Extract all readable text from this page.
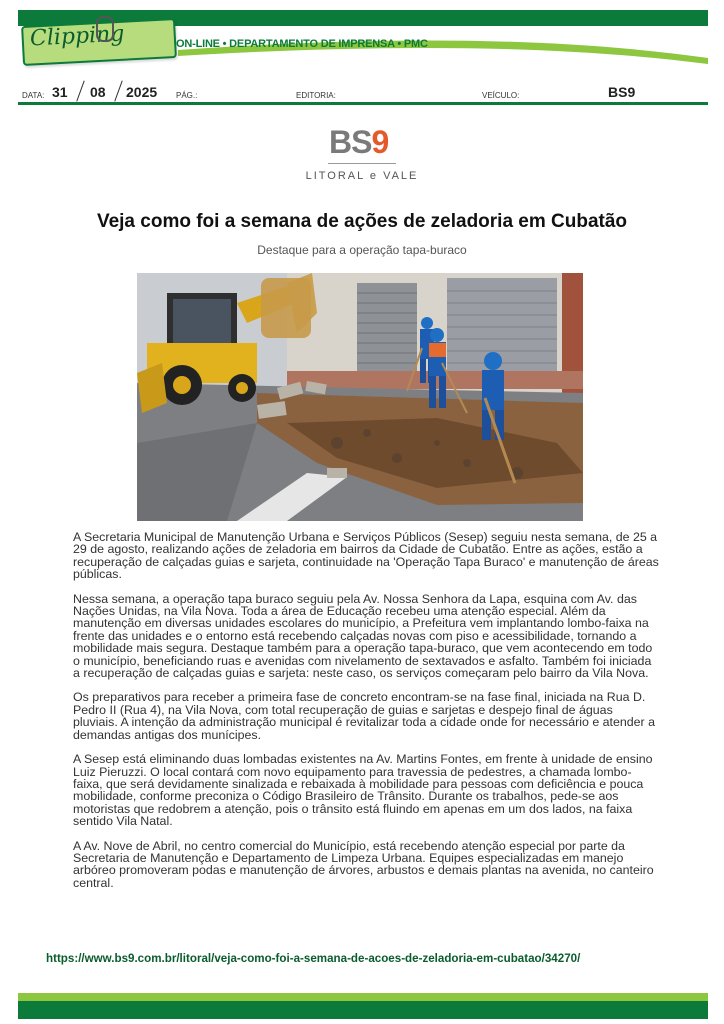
Clipping	ON-LINE • DEPARTAMENTO DE IMPRENSA • PMC
DATA: 31 08 2025 PÁG.:	EDITORIA:	VEÍCULO:	BS9
BS9
LITORAL e VALE
Veja como foi a semana de ações de zeladoria em Cubatão
Destaque para a operação tapa-buraco

A Secretaria Municipal de Manutenção Urbana e Serviços Públicos (Sesep) seguiu nesta semana, de 25 a 29 de agosto, realizando ações de zeladoria em bairros da Cidade de Cubatão. Entre as ações, estão a recuperação de calçadas guias e sarjeta, continuidade na 'Operação Tapa Buraco' e manutenção de áreas públicas.

Nessa semana, a operação tapa buraco seguiu pela Av. Nossa Senhora da Lapa, esquina com Av. das Nações Unidas, na Vila Nova. Toda a área de Educação recebeu uma atenção especial. Além da manutenção em diversas unidades escolares do município, a Prefeitura vem implantando lombo-faixa na frente das unidades e o entorno está recebendo calçadas novas com piso e acessibilidade, tornando a mobilidade mais segura. Destaque também para a operação tapa-buraco, que vem acontecendo em todo o município, beneficiando ruas e avenidas com nivelamento de sextavados e asfalto. Também foi iniciada a recuperação de calçadas guias e sarjeta: neste caso, os serviços começaram pelo bairro da Vila Nova.

Os preparativos para receber a primeira fase de concreto encontram-se na fase final, iniciada na Rua D. Pedro II (Rua 4), na Vila Nova, com total recuperação de guias e sarjetas e despejo final de águas pluviais. A intenção da administração municipal é revitalizar toda a cidade onde for necessário e atender a demandas antigas dos munícipes.

A Sesep está eliminando duas lombadas existentes na Av. Martins Fontes, em frente à unidade de ensino Luiz Pieruzzi. O local contará com novo equipamento para travessia de pedestres, a chamada lombo-faixa, que será devidamente sinalizada e rebaixada à mobilidade para pessoas com deficiência e pouca mobilidade, conforme preconiza o Código Brasileiro de Trânsito. Durante os trabalhos, pede-se aos motoristas que redobrem a atenção, pois o trânsito está fluindo em apenas em um dos lados, na faixa sentido Vila Natal.

A Av. Nove de Abril, no centro comercial do Município, está recebendo atenção especial por parte da Secretaria de Manutenção e Departamento de Limpeza Urbana. Equipes especializadas em manejo arbóreo promoveram podas e manutenção de árvores, arbustos e demais plantas na avenida, no canteiro central.

https://www.bs9.com.br/litoral/veja-como-foi-a-semana-de-acoes-de-zeladoria-em-cubatao/34270/
